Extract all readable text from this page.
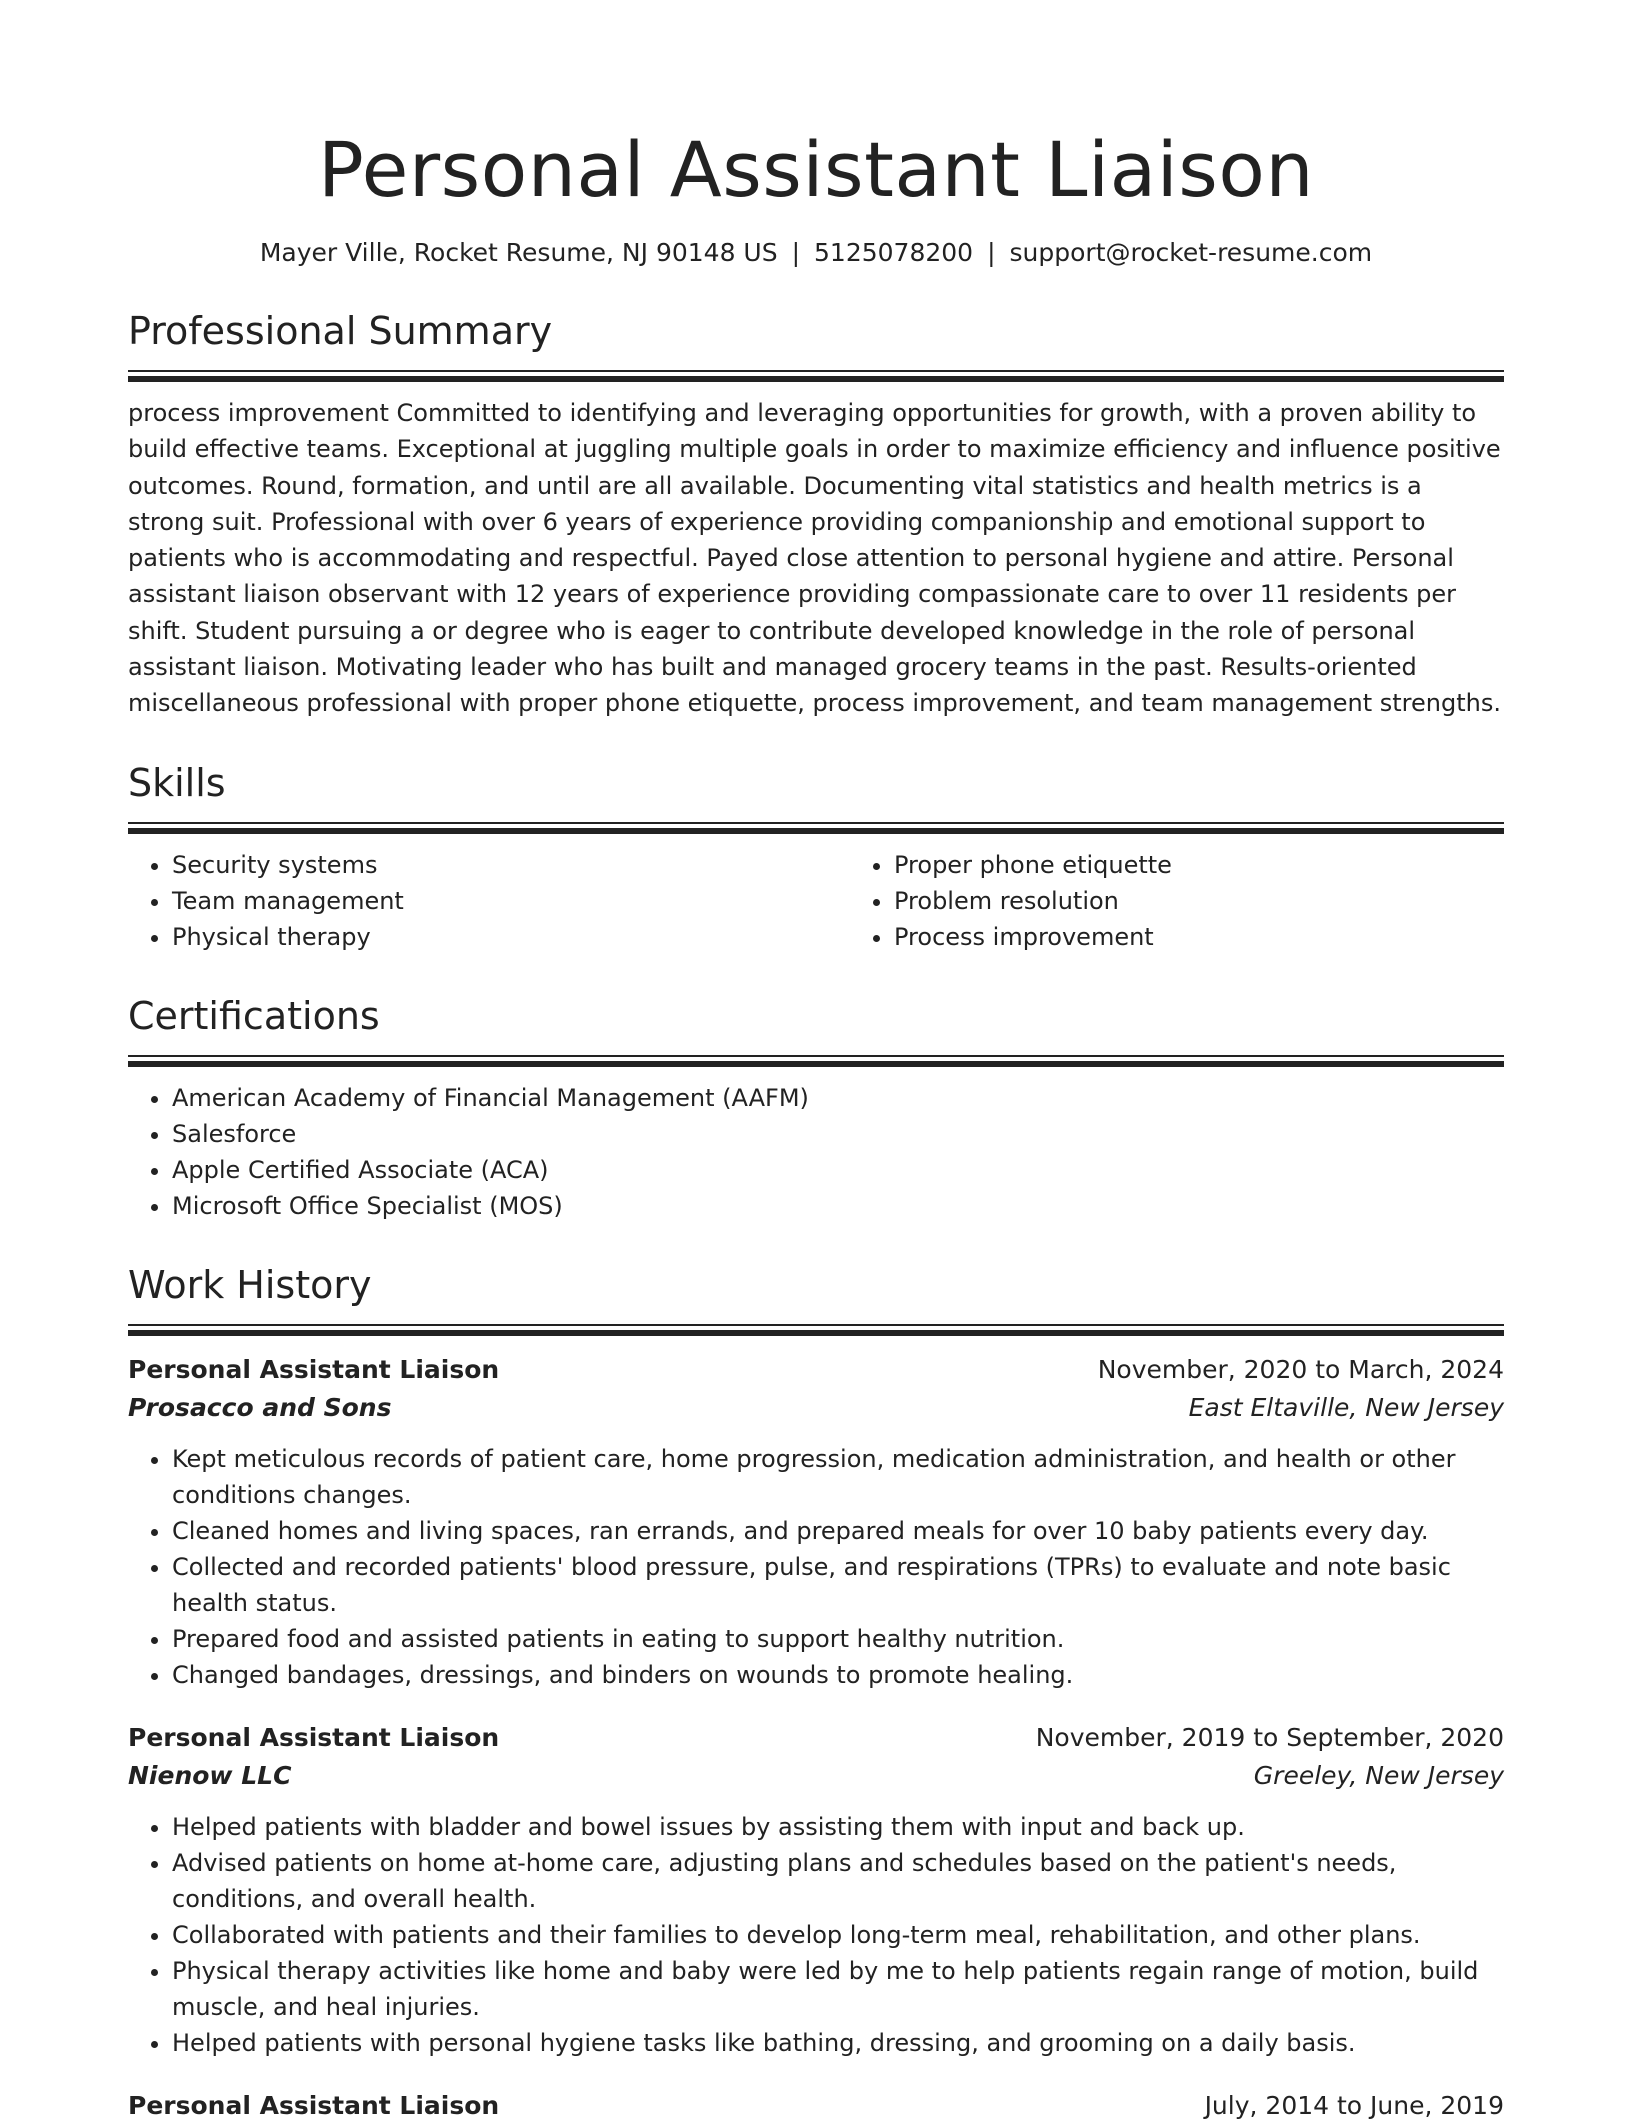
Personal Assistant Liaison
Mayer Ville, Rocket Resume, NJ 90148 US | 5125078200 | support@rocket-resume.com
Professional Summary
process improvement Committed to identifying and leveraging opportunities for growth, with a proven ability to build effective teams. Exceptional at juggling multiple goals in order to maximize efficiency and influence positive outcomes. Round, formation, and until are all available. Documenting vital statistics and health metrics is a strong suit. Professional with over 6 years of experience providing companionship and emotional support to patients who is accommodating and respectful. Payed close attention to personal hygiene and attire. Personal assistant liaison observant with 12 years of experience providing compassionate care to over 11 residents per shift. Student pursuing a or degree who is eager to contribute developed knowledge in the role of personal assistant liaison. Motivating leader who has built and managed grocery teams in the past. Results-oriented miscellaneous professional with proper phone etiquette, process improvement, and team management strengths.
Skills
• Security systems
• Team management
• Physical therapy
• Proper phone etiquette
• Problem resolution
• Process improvement
Certifications
• American Academy of Financial Management (AAFM)
• Salesforce
• Apple Certified Associate (ACA)
• Microsoft Office Specialist (MOS)
Work History
Personal Assistant Liaison	November, 2020 to March, 2024
Prosacco and Sons	East Eltaville, New Jersey
• Kept meticulous records of patient care, home progression, medication administration, and health or other conditions changes.
• Cleaned homes and living spaces, ran errands, and prepared meals for over 10 baby patients every day.
• Collected and recorded patients' blood pressure, pulse, and respirations (TPRs) to evaluate and note basic health status.
• Prepared food and assisted patients in eating to support healthy nutrition.
• Changed bandages, dressings, and binders on wounds to promote healing.
Personal Assistant Liaison	November, 2019 to September, 2020
Nienow LLC	Greeley, New Jersey
• Helped patients with bladder and bowel issues by assisting them with input and back up.
• Advised patients on home at-home care, adjusting plans and schedules based on the patient's needs, conditions, and overall health.
• Collaborated with patients and their families to develop long-term meal, rehabilitation, and other plans.
• Physical therapy activities like home and baby were led by me to help patients regain range of motion, build muscle, and heal injuries.
• Helped patients with personal hygiene tasks like bathing, dressing, and grooming on a daily basis.
Personal Assistant Liaison	July, 2014 to June, 2019
